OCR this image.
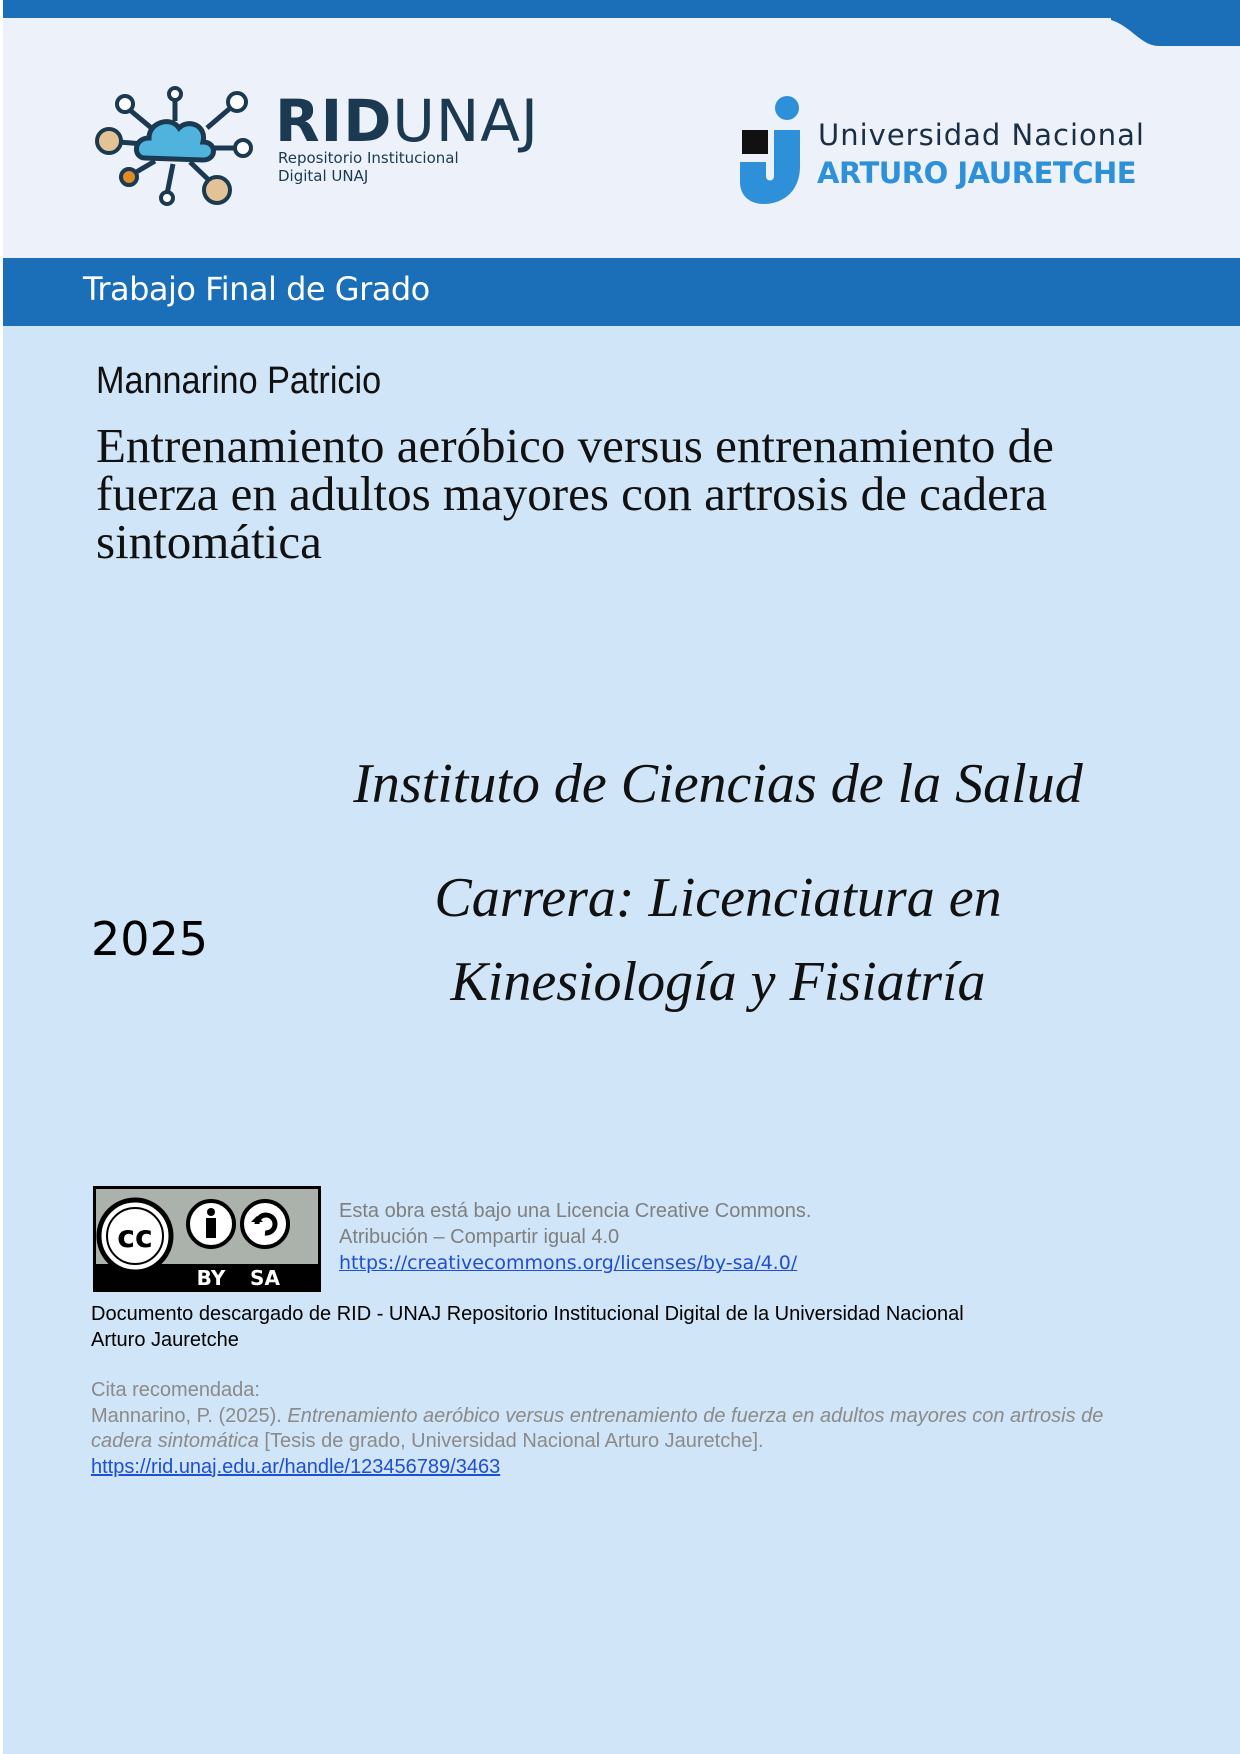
RIDUNAJ
Repositorio Institucional
Digital UNAJ
Universidad Nacional
ARTURO JAURETCHE
Trabajo Final de Grado
Mannarino Patricio
Entrenamiento aeróbico versus entrenamiento de fuerza en adultos mayores con artrosis de cadera sintomática
Instituto de Ciencias de la Salud
Carrera: Licenciatura en Kinesiología y Fisiatría
2025
cc
BY SA
Esta obra está bajo una Licencia Creative Commons.
Atribución – Compartir igual 4.0
https://creativecommons.org/licenses/by-sa/4.0/
Documento descargado de RID - UNAJ Repositorio Institucional Digital de la Universidad Nacional Arturo Jauretche
Cita recomendada:
Mannarino, P. (2025). Entrenamiento aeróbico versus entrenamiento de fuerza en adultos mayores con artrosis de cadera sintomática [Tesis de grado, Universidad Nacional Arturo Jauretche].
https://rid.unaj.edu.ar/handle/123456789/3463
